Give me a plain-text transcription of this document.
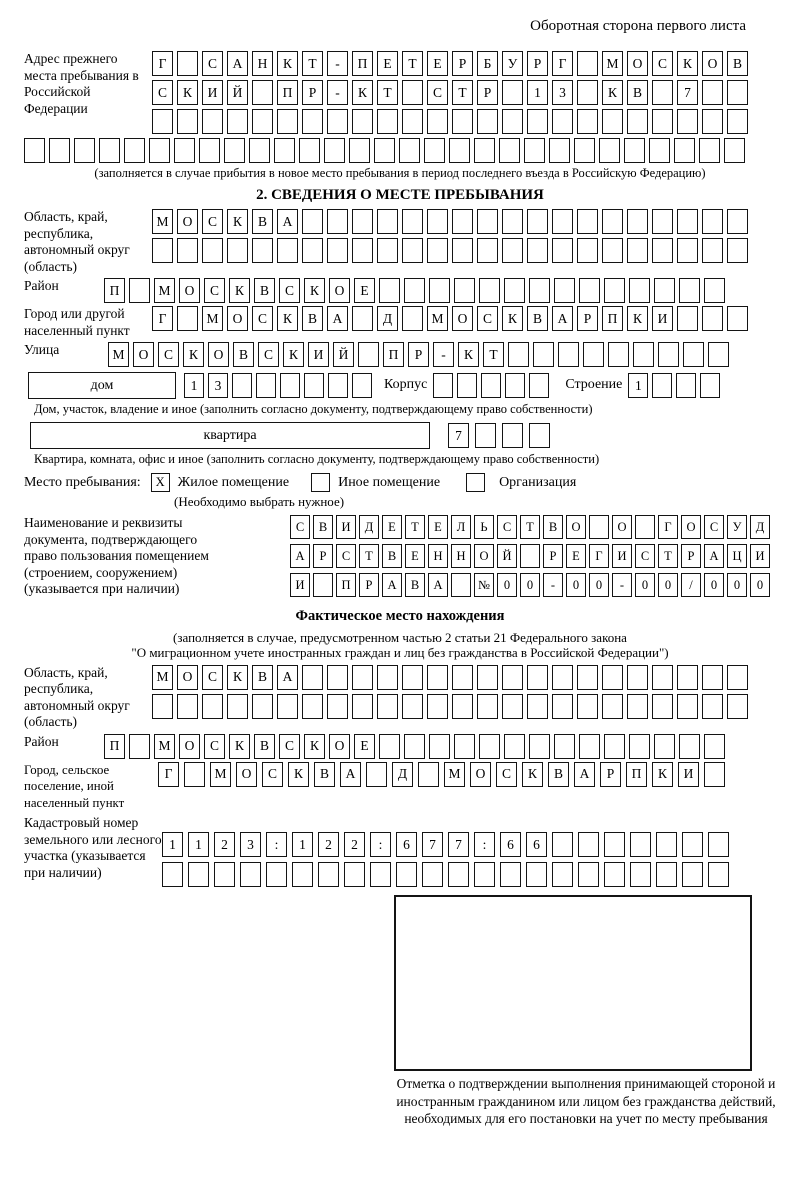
Оборотная сторона первого листа
Адрес прежнего места пребывания в Российской Федерации
Г	С	А	Н	К	Т	-	П	Е	Т	Е	Р	Б	У	Р	Г	М	О	С	К	О	В
С	К	И	Й	П	Р	-	К	Т	С	Т	Р	1	3	К	В	7
(заполняется в случае прибытия в новое место пребывания в период последнего въезда в Российскую Федерацию)
2. СВЕДЕНИЯ О МЕСТЕ ПРЕБЫВАНИЯ
Область, край, республика, автономный округ (область)
М	О	С	К	В	А
Район	П	М	О	С	К	В	С	К	О	Е
Город или другой населенный пункт
Г	М	О	С	К	В	А	Д	М	О	С	К	В	А	Р	П	К	И
Улица	М	О	С	К	О	В	С	К	И	Й	П	Р	-	К	Т
дом	1	3	Корпус	Строение 1
Дом, участок, владение и иное (заполнить согласно документу, подтверждающему право собственности)
квартира	7
Квартира, комната, офис и иное (заполнить согласно документу, подтверждающему право собственности)
Место пребывания:	X Жилое помещение	Иное помещение	Организация
(Необходимо выбрать нужное)
Наименование и реквизиты документа, подтверждающего право пользования помещением (строением, сооружением) (указывается при наличии)
С	В	И	Д	Е	Т	Е	Л	Ь	С	Т	В	О	О	Г	О	С	У	Д
А	Р	С	Т	В	Е	Н	Н	О	Й	Р	Е	Г	И	С	Т	Р	А	Ц	И
И	П	Р	А	В	А	№	0	0	-	0	0	-	0	0	/	0	0	0
Фактическое место нахождения
(заполняется в случае, предусмотренном частью 2 статьи 21 Федерального закона
"О миграционном учете иностранных граждан и лиц без гражданства в Российской Федерации")
Область, край, республика, автономный округ (область)
М	О	С	К	В	А
Район	П	М	О	С	К	В	С	К	О	Е
Город, сельское поселение, иной населенный пункт
Г	М	О	С	К	В	А	Д	М	О	С	К	В	А	Р	П	К	И
Кадастровый номер земельного или лесного участка (указывается при наличии)
1	1	2	3	:	1	2	2	:	6	7	7	:	6	6
Отметка о подтверждении выполнения принимающей стороной и иностранным гражданином или лицом без гражданства действий, необходимых для его постановки на учет по месту пребывания
